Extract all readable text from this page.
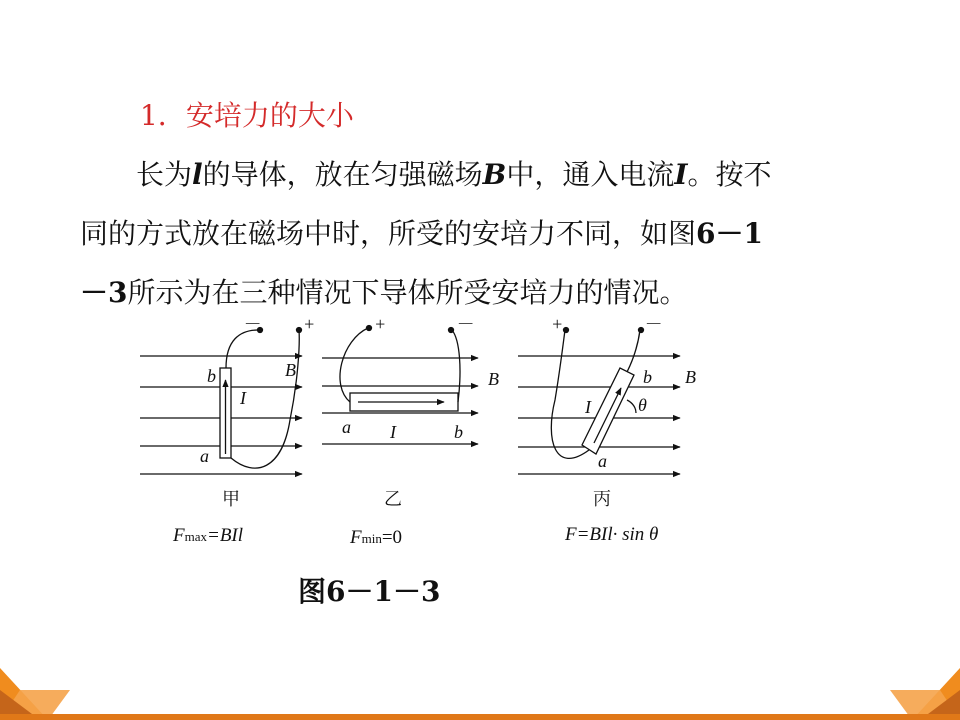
1．安培力的大小
长为l的导体，放在匀强磁场B中，通入电流I。按不
同的方式放在磁场中时，所受的安培力不同，如图6－1
－3所示为在三种情况下导体所受安培力的情况。
－ +
b	B
I
a
+	－
B
a I	b
+	－
b B
I	θ
a
甲	乙	丙
Fmax=BIl	Fmin=0	F=BIl· sin θ
图6－1－3
